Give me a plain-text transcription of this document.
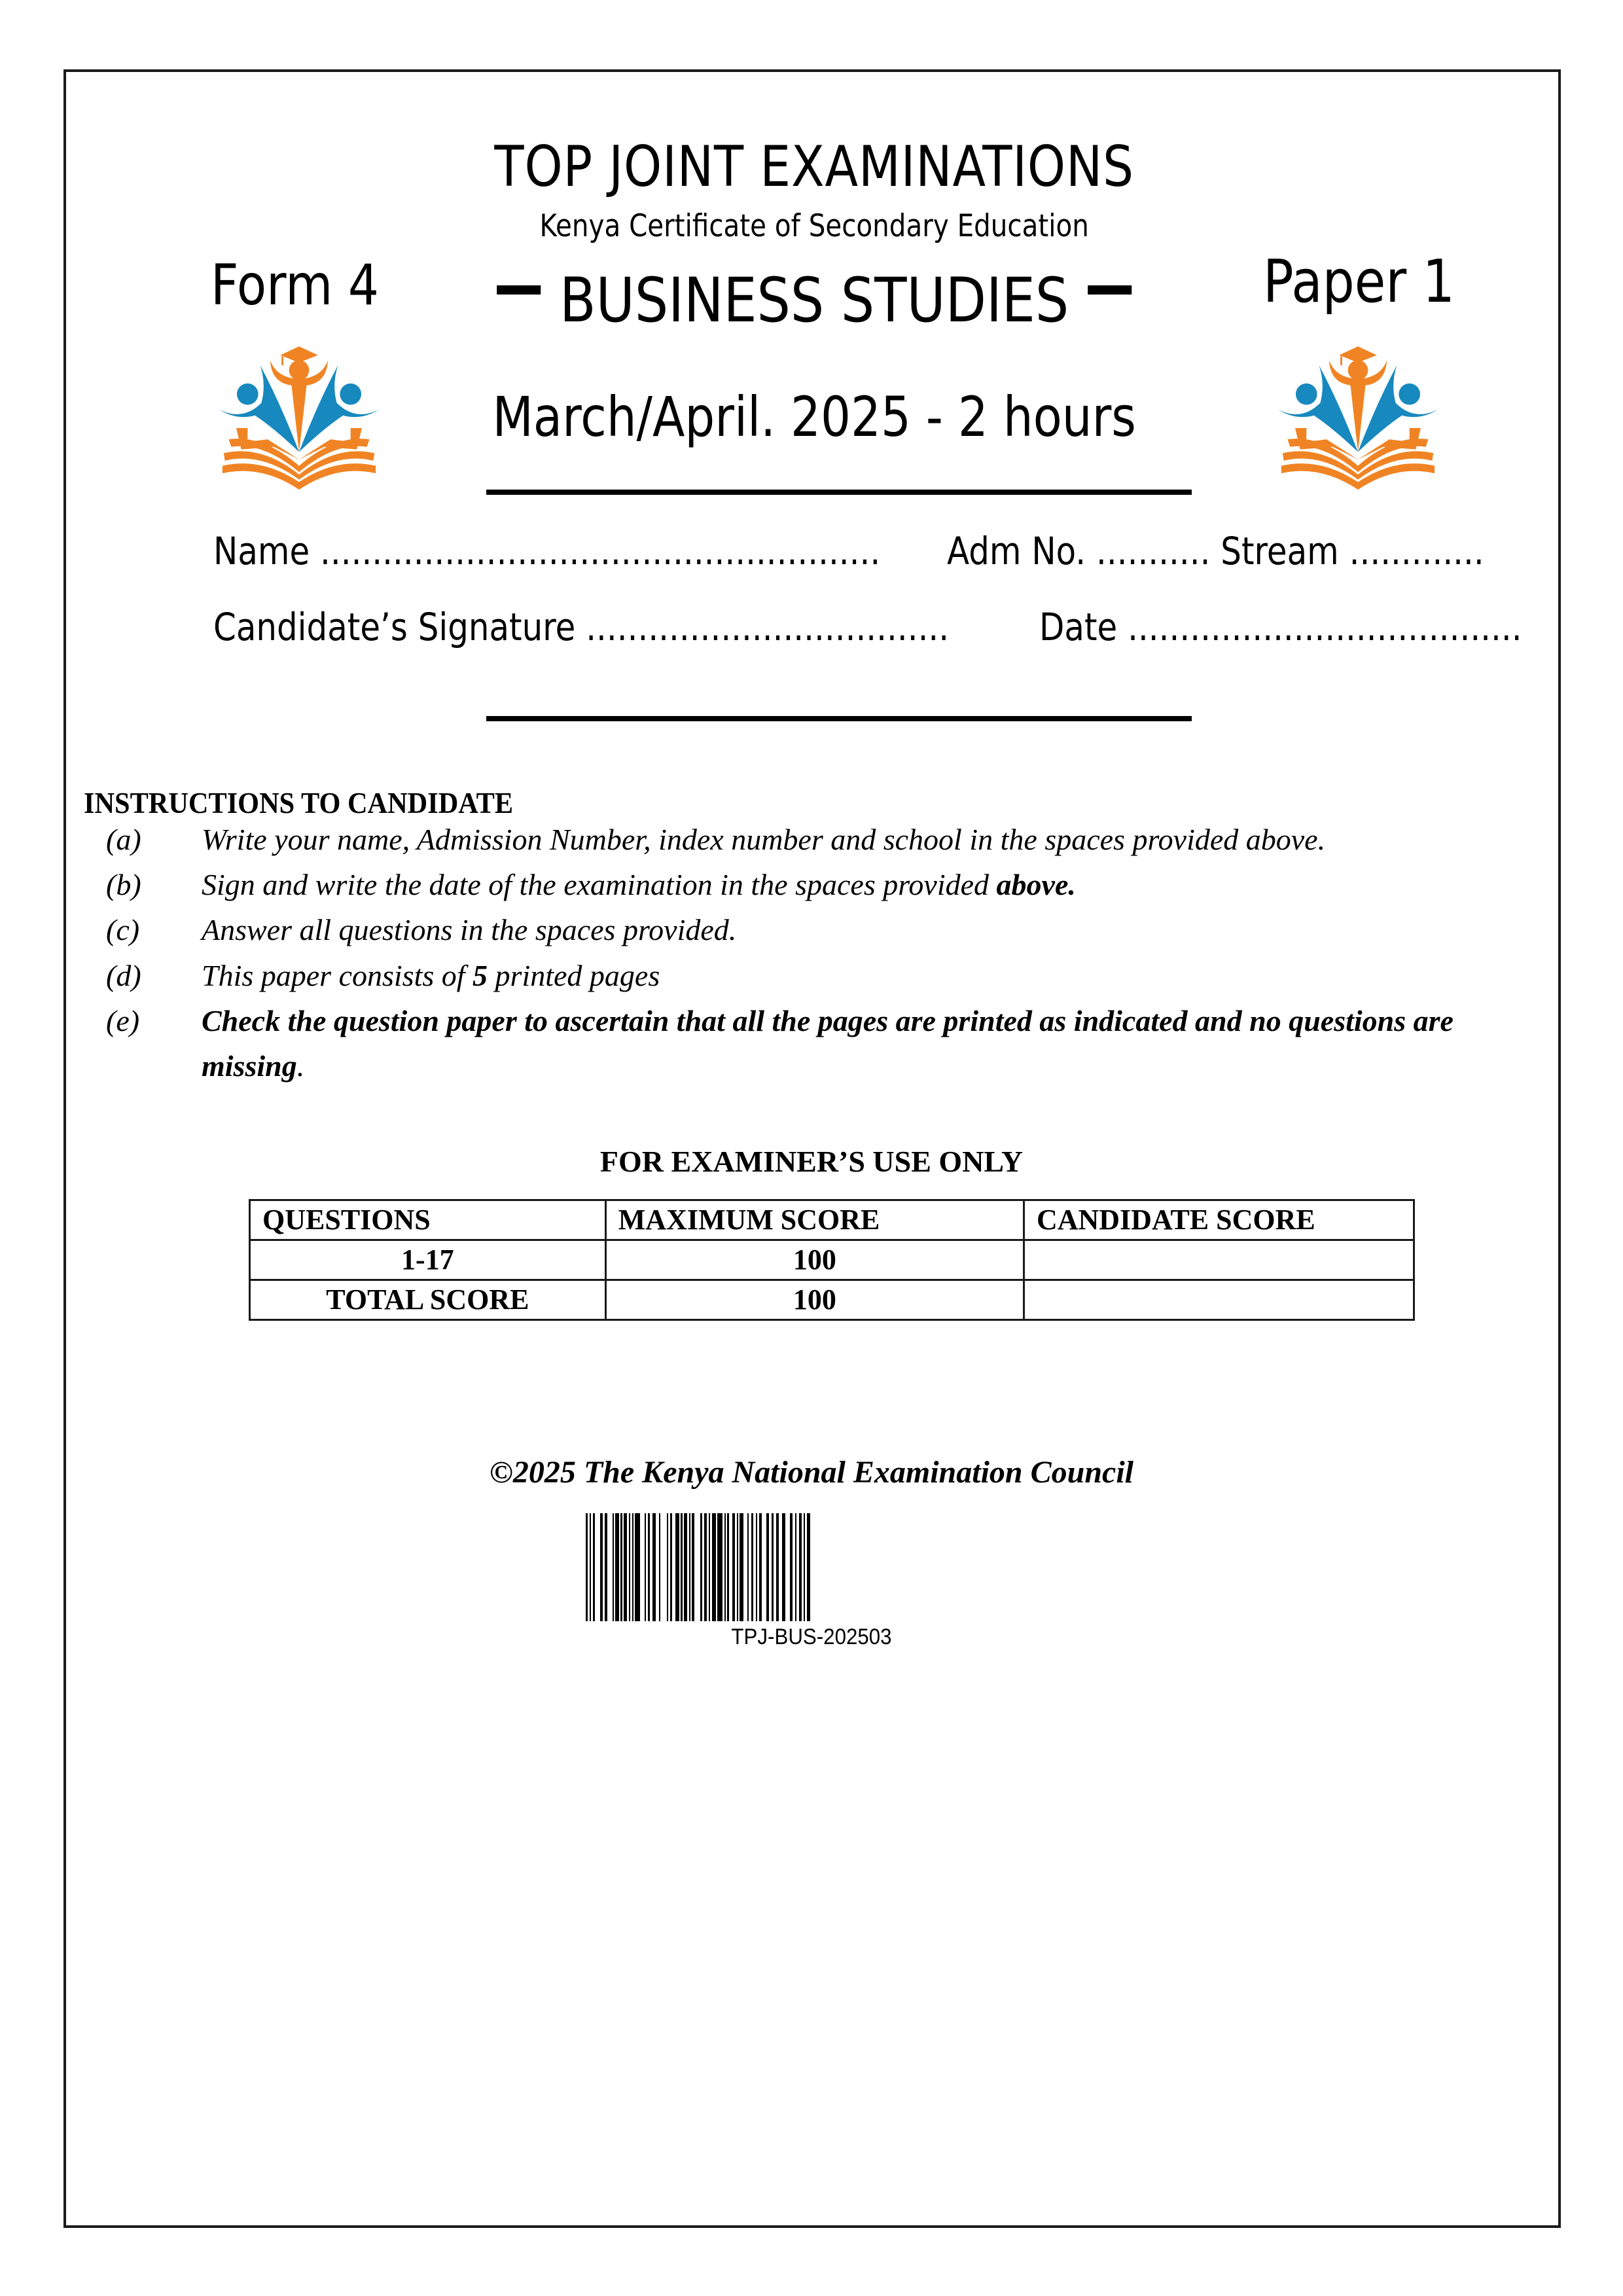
TOP JOINT EXAMINATIONS
Kenya Certificate of Secondary Education
Form 4	BUSINESS STUDIES	Paper 1
March/April. 2025 - 2 hours
Name ...................................................... Adm No. ........... Stream .............
Candidate’s Signature ................................... Date ......................................
INSTRUCTIONS TO CANDIDATE
(a) Write your name, Admission Number, index number and school in the spaces provided above.
(b) Sign and write the date of the examination in the spaces provided above.
(c) Answer all questions in the spaces provided.
(d) This paper consists of 5 printed pages
(e) Check the question paper to ascertain that all the pages are printed as indicated and no questions are
missing.
FOR EXAMINER’S USE ONLY
QUESTIONS	MAXIMUM SCORE	CANDIDATE SCORE
1-17	100	
TOTAL SCORE	100	
©2025 The Kenya National Examination Council
TPJ-BUS-202503
